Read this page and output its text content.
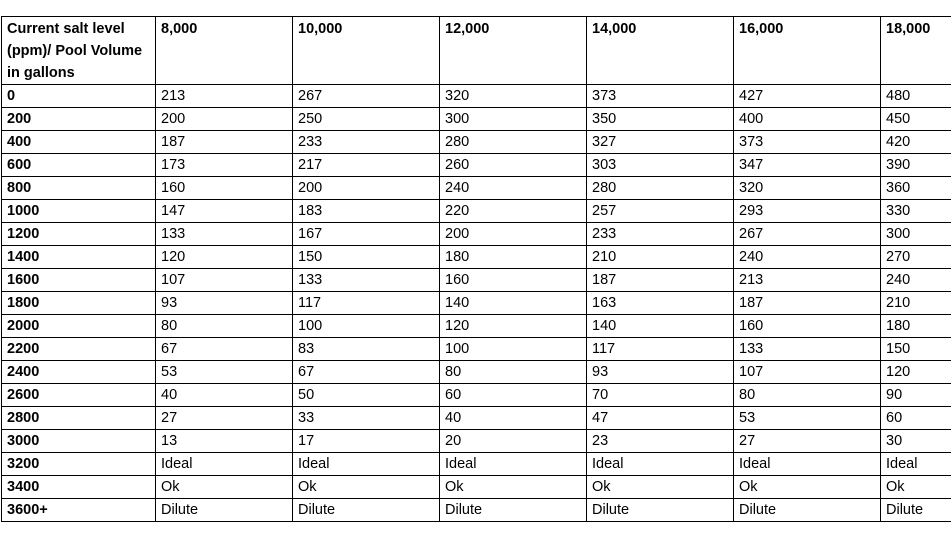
Current salt level (ppm)/ Pool Volume in gallons	8,000	10,000	12,000	14,000	16,000	18,000

0	213	267	320	373	427	480
200	200	250	300	350	400	450
400	187	233	280	327	373	420
600	173	217	260	303	347	390
800	160	200	240	280	320	360
1000	147	183	220	257	293	330
1200	133	167	200	233	267	300
1400	120	150	180	210	240	270
1600	107	133	160	187	213	240
1800	93	117	140	163	187	210
2000	80	100	120	140	160	180
2200	67	83	100	117	133	150
2400	53	67	80	93	107	120
2600	40	50	60	70	80	90
2800	27	33	40	47	53	60
3000	13	17	20	23	27	30
3200	Ideal	Ideal	Ideal	Ideal	Ideal	Ideal
3400	Ok	Ok	Ok	Ok	Ok	Ok
3600+	Dilute	Dilute	Dilute	Dilute	Dilute	Dilute
